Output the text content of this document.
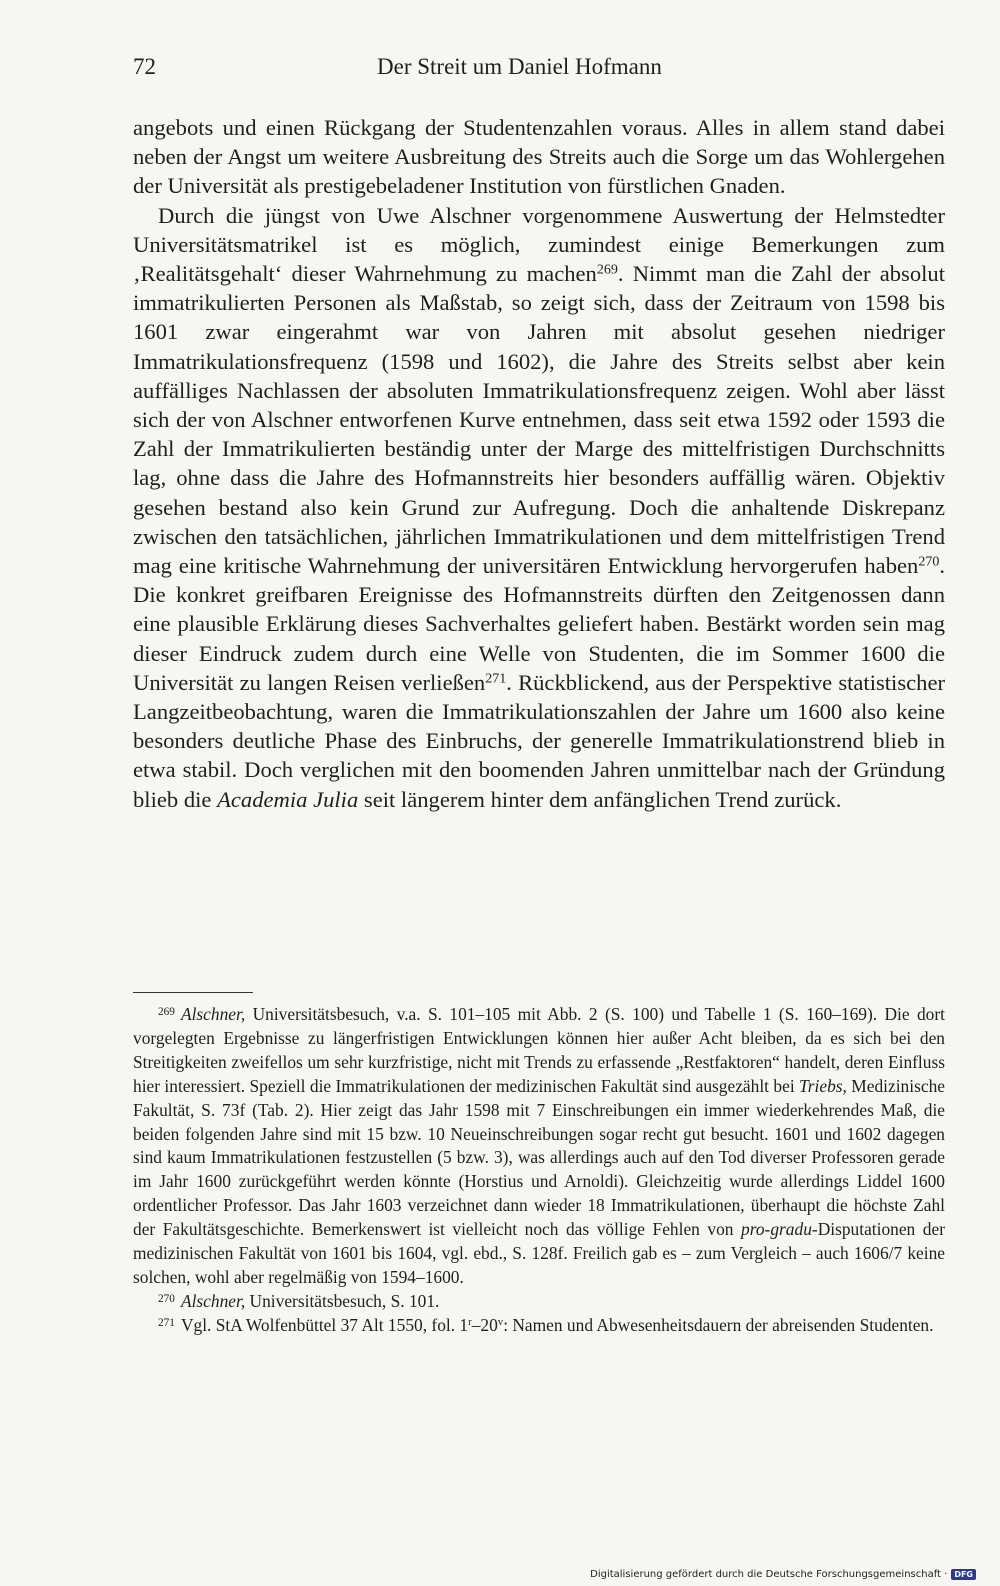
72	Der Streit um Daniel Hofmann

angebots und einen Rückgang der Studentenzahlen voraus. Alles in allem stand dabei neben der Angst um weitere Ausbreitung des Streits auch die Sorge um das Wohlergehen der Universität als prestigebeladener Institution von fürstlichen Gnaden.

Durch die jüngst von Uwe Alschner vorgenommene Auswertung der Helmstedter Universitätsmatrikel ist es möglich, zumindest einige Bemerkungen zum ‚Realitätsgehalt‘ dieser Wahrnehmung zu machen$^{269}$. Nimmt man die Zahl der absolut immatrikulierten Personen als Maßstab, so zeigt sich, dass der Zeitraum von 1598 bis 1601 zwar eingerahmt war von Jahren mit absolut gesehen niedriger Immatrikulationsfrequenz (1598 und 1602), die Jahre des Streits selbst aber kein auffälliges Nachlassen der absoluten Immatrikulationsfrequenz zeigen. Wohl aber lässt sich der von Alschner entworfenen Kurve entnehmen, dass seit etwa 1592 oder 1593 die Zahl der Immatrikulierten beständig unter der Marge des mittelfristigen Durchschnitts lag, ohne dass die Jahre des Hofmannstreits hier besonders auffällig wären. Objektiv gesehen bestand also kein Grund zur Aufregung. Doch die anhaltende Diskrepanz zwischen den tatsächlichen, jährlichen Immatrikulationen und dem mittelfristigen Trend mag eine kritische Wahrnehmung der universitären Entwicklung hervorgerufen haben$^{270}$. Die konkret greifbaren Ereignisse des Hofmannstreits dürften den Zeitgenossen dann eine plausible Erklärung dieses Sachverhaltes geliefert haben. Bestärkt worden sein mag dieser Eindruck zudem durch eine Welle von Studenten, die im Sommer 1600 die Universität zu langen Reisen verließen$^{271}$. Rückblickend, aus der Perspektive statistischer Langzeitbeobachtung, waren die Immatrikulationszahlen der Jahre um 1600 also keine besonders deutliche Phase des Einbruchs, der generelle Immatrikulationstrend blieb in etwa stabil. Doch verglichen mit den boomenden Jahren unmittelbar nach der Gründung blieb die Academia Julia seit längerem hinter dem anfänglichen Trend zurück.

$^{269}$ Alschner, Universitätsbesuch, v.a. S. 101–105 mit Abb. 2 (S. 100) und Tabelle 1 (S. 160–169). Die dort vorgelegten Ergebnisse zu längerfristigen Entwicklungen können hier außer Acht bleiben, da es sich bei den Streitigkeiten zweifellos um sehr kurzfristige, nicht mit Trends zu erfassende „Restfaktoren“ handelt, deren Einfluss hier interessiert. Speziell die Immatrikulationen der medizinischen Fakultät sind ausgezählt bei Triebs, Medizinische Fakultät, S. 73f (Tab. 2). Hier zeigt das Jahr 1598 mit 7 Einschreibungen ein immer wiederkehrendes Maß, die beiden folgenden Jahre sind mit 15 bzw. 10 Neueinschreibungen sogar recht gut besucht. 1601 und 1602 dagegen sind kaum Immatrikulationen festzustellen (5 bzw. 3), was allerdings auch auf den Tod diverser Professoren gerade im Jahr 1600 zurückgeführt werden könnte (Horstius und Arnoldi). Gleichzeitig wurde allerdings Liddel 1600 ordentlicher Professor. Das Jahr 1603 verzeichnet dann wieder 18 Immatrikulationen, überhaupt die höchste Zahl der Fakultätsgeschichte. Bemerkenswert ist vielleicht noch das völlige Fehlen von pro-gradu-Disputationen der medizinischen Fakultät von 1601 bis 1604, vgl. ebd., S. 128f. Freilich gab es – zum Vergleich – auch 1606/7 keine solchen, wohl aber regelmäßig von 1594–1600.

$^{270}$ Alschner, Universitätsbesuch, S. 101.

$^{271}$ Vgl. StA Wolfenbüttel 37 Alt 1550, fol. 1$^r$–20$^v$: Namen und Abwesenheitsdauern der abreisenden Studenten.

Digitalisierung gefördert durch die Deutsche Forschungsgemeinschaft · DFG
